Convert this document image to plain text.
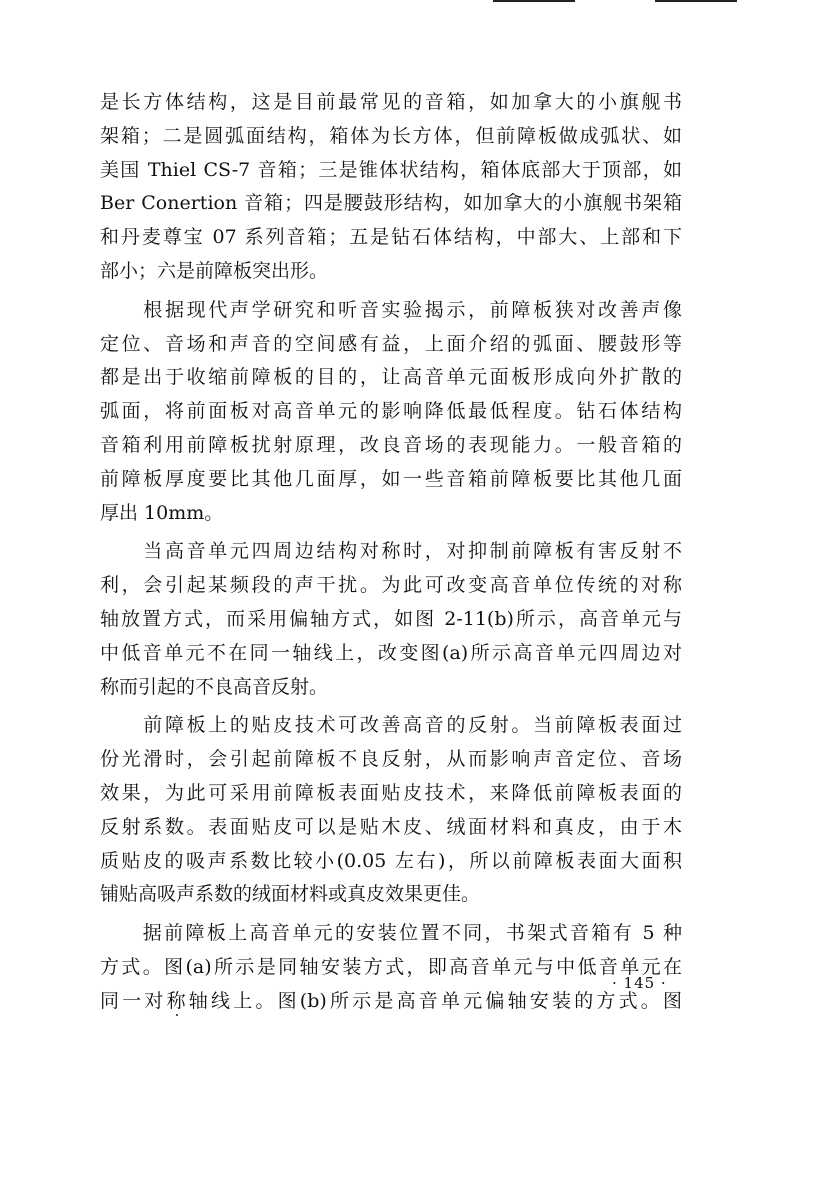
是长方体结构，这是目前最常见的音箱，如加拿大的小旗舰书
架箱；二是圆弧面结构，箱体为长方体，但前障板做成弧状、如
美国 Thiel CS-7 音箱；三是锥体状结构，箱体底部大于顶部，如
Ber Conertion 音箱；四是腰鼓形结构，如加拿大的小旗舰书架箱
和丹麦尊宝 07 系列音箱；五是钻石体结构，中部大、上部和下
部小；六是前障板突出形。
　　根据现代声学研究和听音实验揭示，前障板狭对改善声像
定位、音场和声音的空间感有益，上面介绍的弧面、腰鼓形等
都是出于收缩前障板的目的，让高音单元面板形成向外扩散的
弧面，将前面板对高音单元的影响降低最低程度。钻石体结构
音箱利用前障板扰射原理，改良音场的表现能力。一般音箱的
前障板厚度要比其他几面厚，如一些音箱前障板要比其他几面
厚出 10mm。
　　当高音单元四周边结构对称时，对抑制前障板有害反射不
利，会引起某频段的声干扰。为此可改变高音单位传统的对称
轴放置方式，而采用偏轴方式，如图 2-11(b)所示，高音单元与
中低音单元不在同一轴线上，改变图(a)所示高音单元四周边对
称而引起的不良高音反射。
　　前障板上的贴皮技术可改善高音的反射。当前障板表面过
份光滑时，会引起前障板不良反射，从而影响声音定位、音场
效果，为此可采用前障板表面贴皮技术，来降低前障板表面的
反射系数。表面贴皮可以是贴木皮、绒面材料和真皮，由于木
质贴皮的吸声系数比较小(0.05 左右)，所以前障板表面大面积
铺贴高吸声系数的绒面材料或真皮效果更佳。
　　据前障板上高音单元的安装位置不同，书架式音箱有 5 种
方式。图(a)所示是同轴安装方式，即高音单元与中低音单元在
同一对称轴线上。图(b)所示是高音单元偏轴安装的方式。图
· 145 ·
